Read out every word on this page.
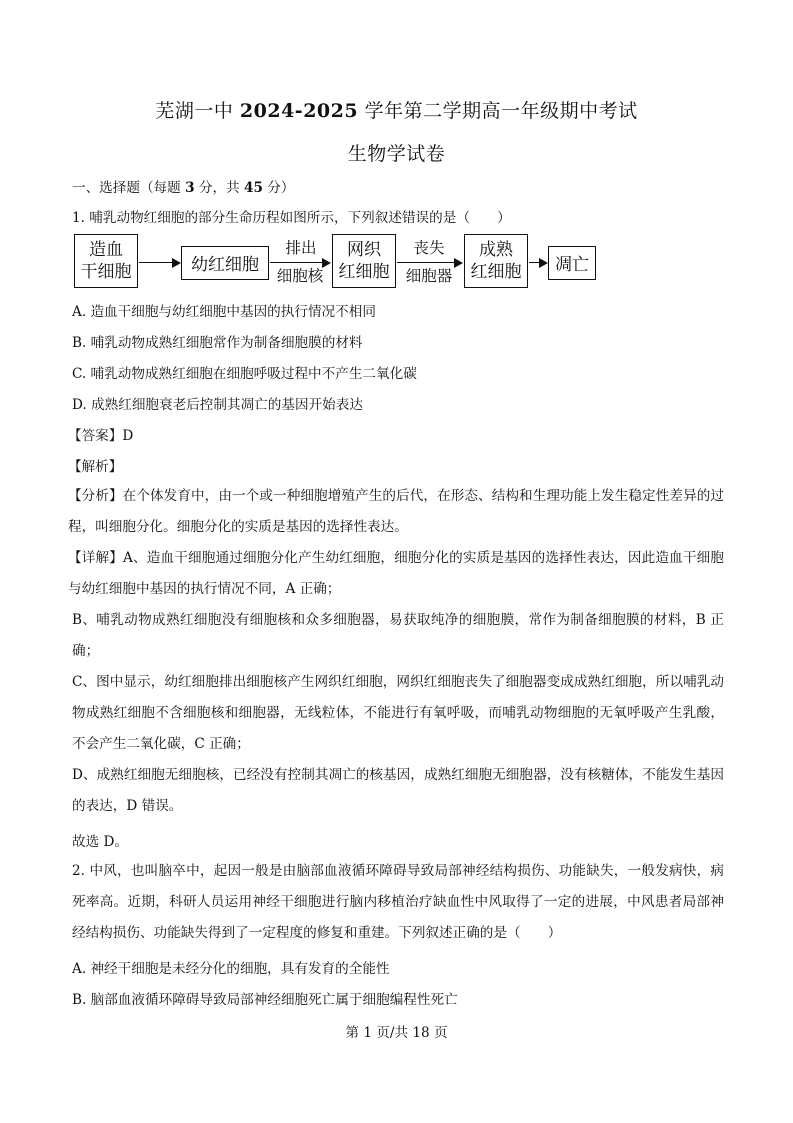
芜湖一中 2024-2025 学年第二学期高一年级期中考试
生物学试卷
一、选择题（每题 3 分，共 45 分）
1. 哺乳动物红细胞的部分生命历程如图所示，下列叙述错误的是（　　）
造血
干细胞	幼红细胞
排出
细胞核
网织
红细胞
丧失
细胞器
成熟
红细胞	凋亡
A. 造血干细胞与幼红细胞中基因的执行情况不相同
B. 哺乳动物成熟红细胞常作为制备细胞膜的材料
C. 哺乳动物成熟红细胞在细胞呼吸过程中不产生二氧化碳
D. 成熟红细胞衰老后控制其凋亡的基因开始表达
【答案】D
【解析】
【分析】在个体发育中，由一个或一种细胞增殖产生的后代，在形态、结构和生理功能上发生稳定性差异的过程，叫细胞分化。细胞分化的实质是基因的选择性表达。
【详解】A、造血干细胞通过细胞分化产生幼红细胞，细胞分化的实质是基因的选择性表达，因此造血干细胞与幼红细胞中基因的执行情况不同，A 正确；
B、哺乳动物成熟红细胞没有细胞核和众多细胞器，易获取纯净的细胞膜，常作为制备细胞膜的材料，B 正确；
C、图中显示，幼红细胞排出细胞核产生网织红细胞，网织红细胞丧失了细胞器变成成熟红细胞，所以哺乳动物成熟红细胞不含细胞核和细胞器，无线粒体，不能进行有氧呼吸，而哺乳动物细胞的无氧呼吸产生乳酸，不会产生二氧化碳，C 正确；
D、成熟红细胞无细胞核，已经没有控制其凋亡的核基因，成熟红细胞无细胞器，没有核糖体，不能发生基因的表达，D 错误。
故选 D。
2. 中风，也叫脑卒中，起因一般是由脑部血液循环障碍导致局部神经结构损伤、功能缺失，一般发病快，病死率高。近期，科研人员运用神经干细胞进行脑内移植治疗缺血性中风取得了一定的进展，中风患者局部神经结构损伤、功能缺失得到了一定程度的修复和重建。下列叙述正确的是（　　）
A. 神经干细胞是未经分化的细胞，具有发育的全能性
B. 脑部血液循环障碍导致局部神经细胞死亡属于细胞编程性死亡
第 1 页/共 18 页
